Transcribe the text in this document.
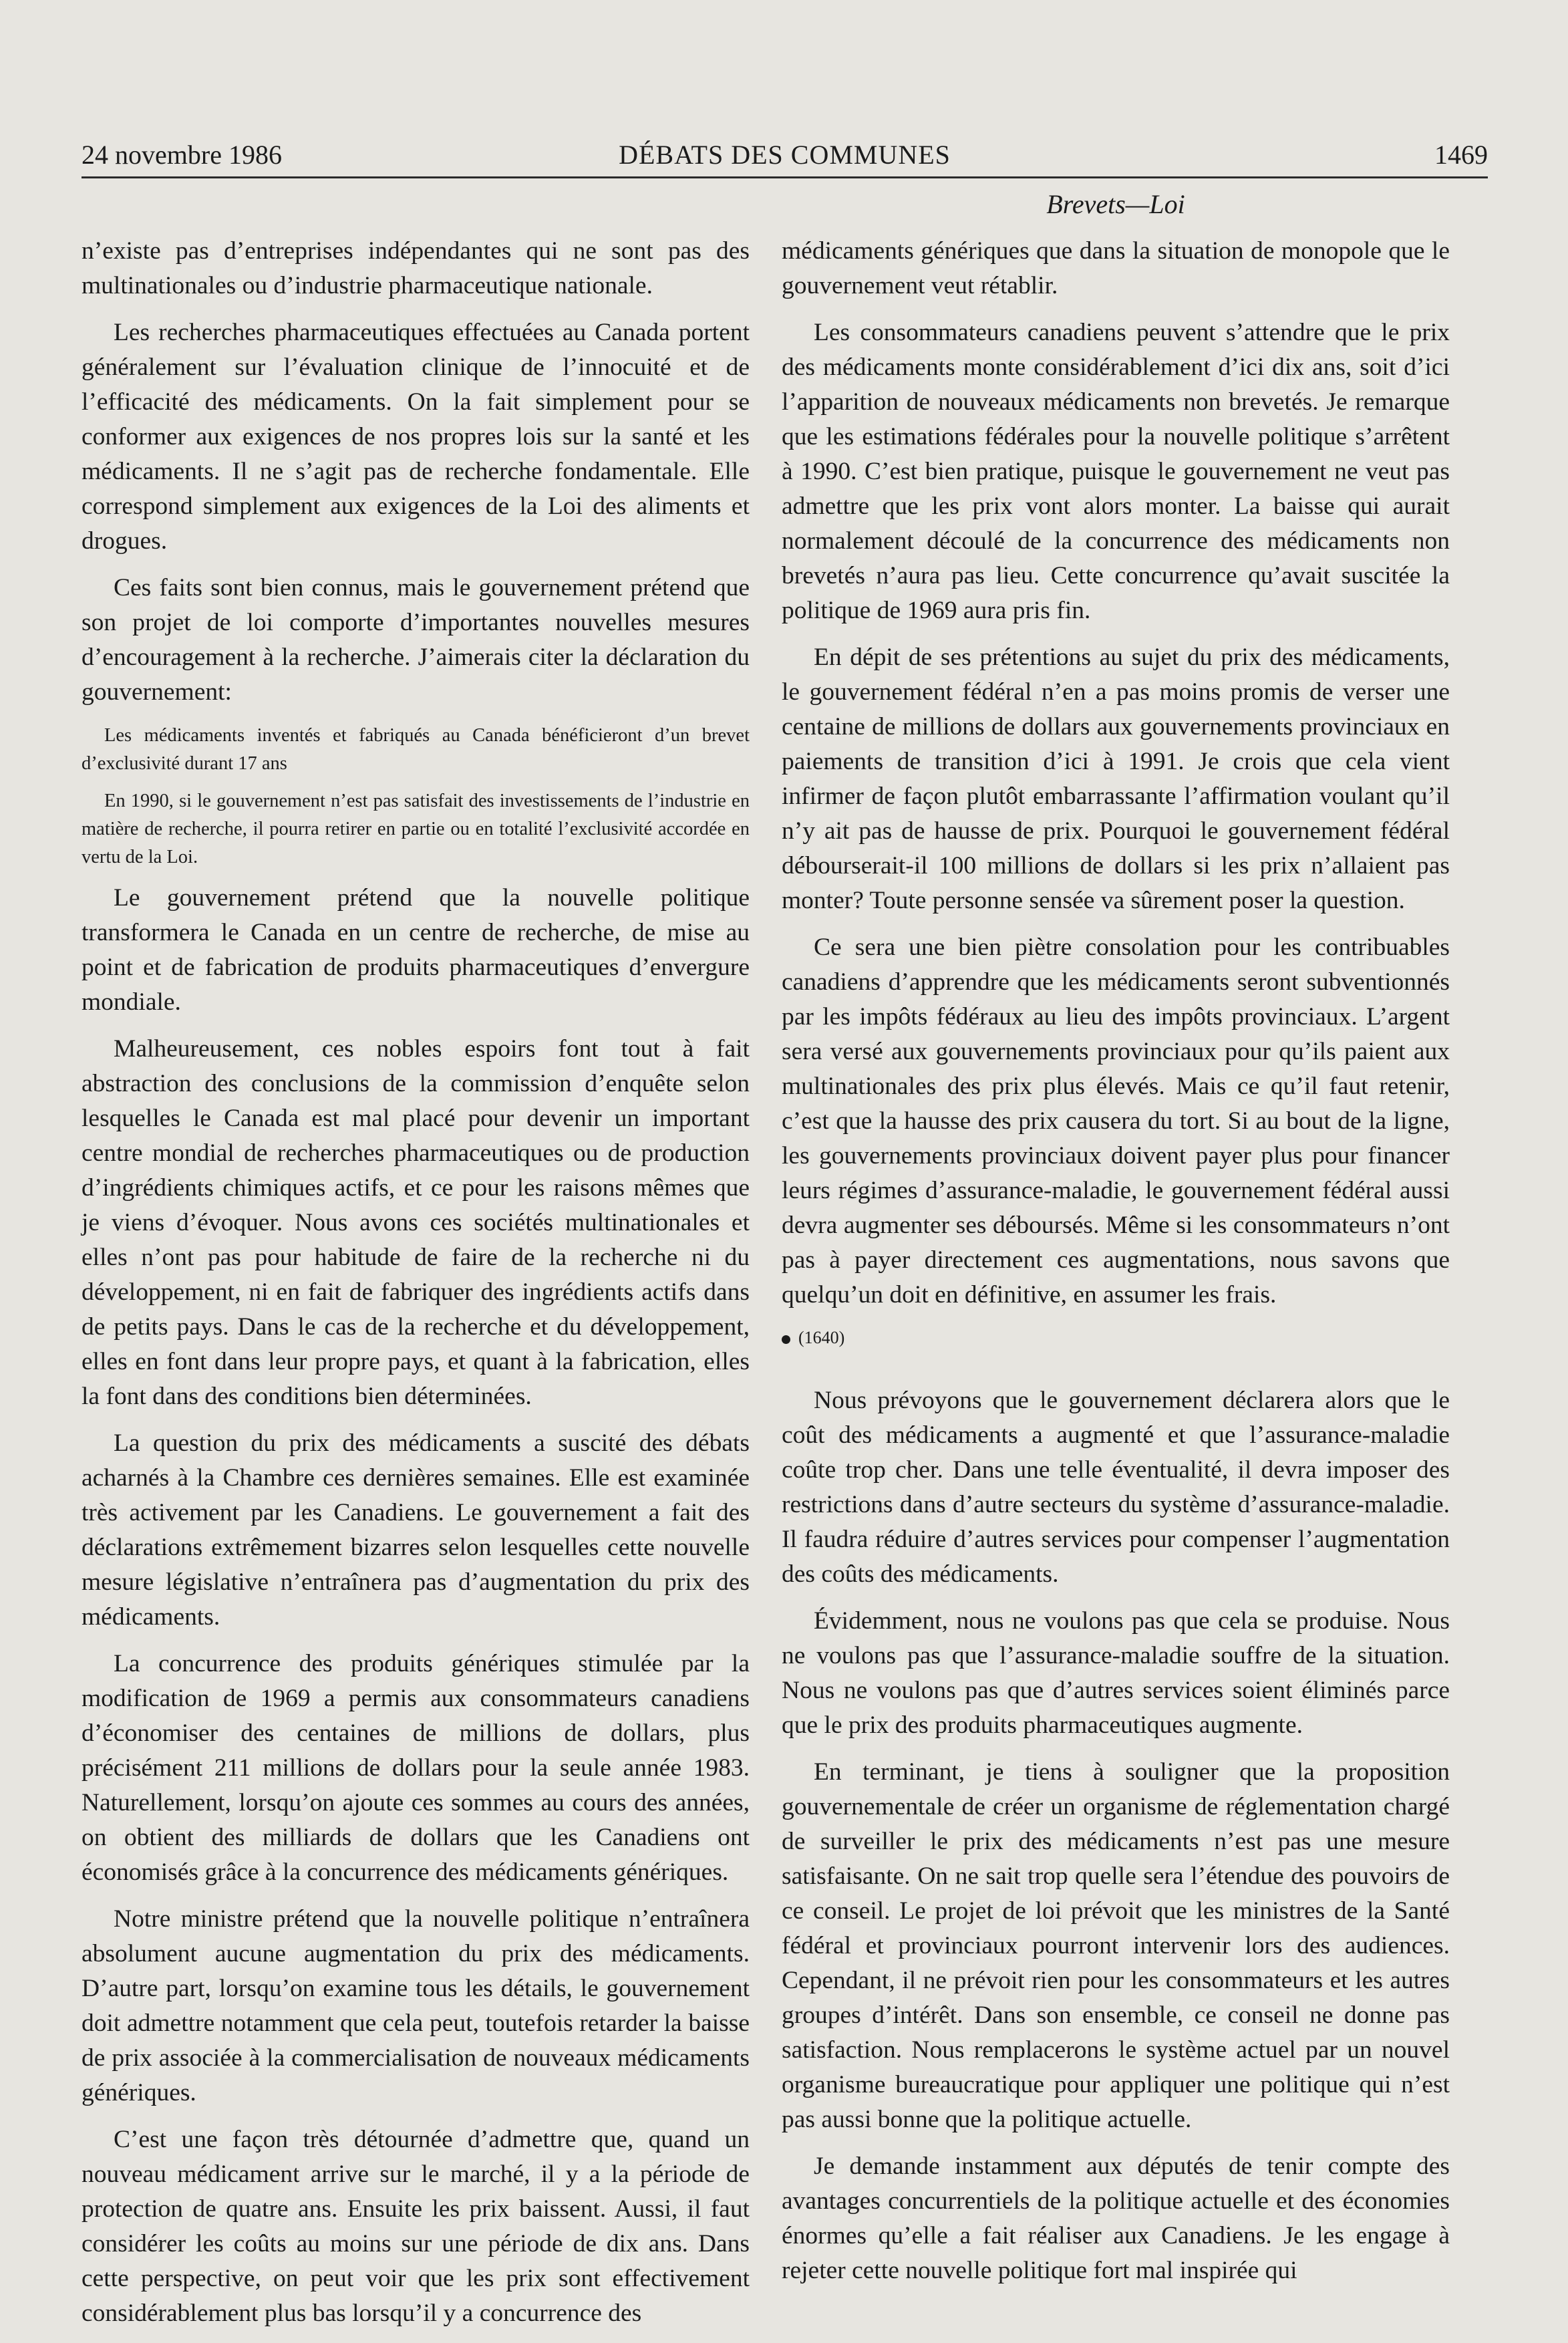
24 novembre 1986	DÉBATS DES COMMUNES	1469
Brevets—Loi

n’existe pas d’entreprises indépendantes qui ne sont pas des multinationales ou d’industrie pharmaceutique nationale.

Les recherches pharmaceutiques effectuées au Canada portent généralement sur l’évaluation clinique de l’innocuité et de l’efficacité des médicaments. On la fait simplement pour se conformer aux exigences de nos propres lois sur la santé et les médicaments. Il ne s’agit pas de recherche fondamentale. Elle correspond simplement aux exigences de la Loi des aliments et drogues.

Ces faits sont bien connus, mais le gouvernement prétend que son projet de loi comporte d’importantes nouvelles mesures d’encouragement à la recherche. J’aimerais citer la déclaration du gouvernement:

Les médicaments inventés et fabriqués au Canada bénéficieront d’un brevet d’exclusivité durant 17 ans

En 1990, si le gouvernement n’est pas satisfait des investissements de l’industrie en matière de recherche, il pourra retirer en partie ou en totalité l’exclusivité accordée en vertu de la Loi.

Le gouvernement prétend que la nouvelle politique transformera le Canada en un centre de recherche, de mise au point et de fabrication de produits pharmaceutiques d’envergure mondiale.

Malheureusement, ces nobles espoirs font tout à fait abstraction des conclusions de la commission d’enquête selon lesquelles le Canada est mal placé pour devenir un important centre mondial de recherches pharmaceutiques ou de production d’ingrédients chimiques actifs, et ce pour les raisons mêmes que je viens d’évoquer. Nous avons ces sociétés multinationales et elles n’ont pas pour habitude de faire de la recherche ni du développement, ni en fait de fabriquer des ingrédients actifs dans de petits pays. Dans le cas de la recherche et du développement, elles en font dans leur propre pays, et quant à la fabrication, elles la font dans des conditions bien déterminées.

La question du prix des médicaments a suscité des débats acharnés à la Chambre ces dernières semaines. Elle est examinée très activement par les Canadiens. Le gouvernement a fait des déclarations extrêmement bizarres selon lesquelles cette nouvelle mesure législative n’entraînera pas d’augmentation du prix des médicaments.

La concurrence des produits génériques stimulée par la modification de 1969 a permis aux consommateurs canadiens d’économiser des centaines de millions de dollars, plus précisément 211 millions de dollars pour la seule année 1983. Naturellement, lorsqu’on ajoute ces sommes au cours des années, on obtient des milliards de dollars que les Canadiens ont économisés grâce à la concurrence des médicaments génériques.

Notre ministre prétend que la nouvelle politique n’entraînera absolument aucune augmentation du prix des médicaments. D’autre part, lorsqu’on examine tous les détails, le gouvernement doit admettre notamment que cela peut, toutefois retarder la baisse de prix associée à la commercialisation de nouveaux médicaments génériques.

C’est une façon très détournée d’admettre que, quand un nouveau médicament arrive sur le marché, il y a la période de protection de quatre ans. Ensuite les prix baissent. Aussi, il faut considérer les coûts au moins sur une période de dix ans. Dans cette perspective, on peut voir que les prix sont effectivement considérablement plus bas lorsqu’il y a concurrence des

médicaments génériques que dans la situation de monopole que le gouvernement veut rétablir.

Les consommateurs canadiens peuvent s’attendre que le prix des médicaments monte considérablement d’ici dix ans, soit d’ici l’apparition de nouveaux médicaments non brevetés. Je remarque que les estimations fédérales pour la nouvelle politique s’arrêtent à 1990. C’est bien pratique, puisque le gouvernement ne veut pas admettre que les prix vont alors monter. La baisse qui aurait normalement découlé de la concurrence des médicaments non brevetés n’aura pas lieu. Cette concurrence qu’avait suscitée la politique de 1969 aura pris fin.

En dépit de ses prétentions au sujet du prix des médicaments, le gouvernement fédéral n’en a pas moins promis de verser une centaine de millions de dollars aux gouvernements provinciaux en paiements de transition d’ici à 1991. Je crois que cela vient infirmer de façon plutôt embarrassante l’affirmation voulant qu’il n’y ait pas de hausse de prix. Pourquoi le gouvernement fédéral débourserait-il 100 millions de dollars si les prix n’allaient pas monter? Toute personne sensée va sûrement poser la question.

Ce sera une bien piètre consolation pour les contribuables canadiens d’apprendre que les médicaments seront subventionnés par les impôts fédéraux au lieu des impôts provinciaux. L’argent sera versé aux gouvernements provinciaux pour qu’ils paient aux multinationales des prix plus élevés. Mais ce qu’il faut retenir, c’est que la hausse des prix causera du tort. Si au bout de la ligne, les gouvernements provinciaux doivent payer plus pour financer leurs régimes d’assurance-maladie, le gouvernement fédéral aussi devra augmenter ses déboursés. Même si les consommateurs n’ont pas à payer directement ces augmentations, nous savons que quelqu’un doit en définitive, en assumer les frais.

(1640)

Nous prévoyons que le gouvernement déclarera alors que le coût des médicaments a augmenté et que l’assurance-maladie coûte trop cher. Dans une telle éventualité, il devra imposer des restrictions dans d’autre secteurs du système d’assurance-maladie. Il faudra réduire d’autres services pour compenser l’augmentation des coûts des médicaments.

Évidemment, nous ne voulons pas que cela se produise. Nous ne voulons pas que l’assurance-maladie souffre de la situation. Nous ne voulons pas que d’autres services soient éliminés parce que le prix des produits pharmaceutiques augmente.

En terminant, je tiens à souligner que la proposition gouvernementale de créer un organisme de réglementation chargé de surveiller le prix des médicaments n’est pas une mesure satisfaisante. On ne sait trop quelle sera l’étendue des pouvoirs de ce conseil. Le projet de loi prévoit que les ministres de la Santé fédéral et provinciaux pourront intervenir lors des audiences. Cependant, il ne prévoit rien pour les consommateurs et les autres groupes d’intérêt. Dans son ensemble, ce conseil ne donne pas satisfaction. Nous remplacerons le système actuel par un nouvel organisme bureaucratique pour appliquer une politique qui n’est pas aussi bonne que la politique actuelle.

Je demande instamment aux députés de tenir compte des avantages concurrentiels de la politique actuelle et des économies énormes qu’elle a fait réaliser aux Canadiens. Je les engage à rejeter cette nouvelle politique fort mal inspirée qui
